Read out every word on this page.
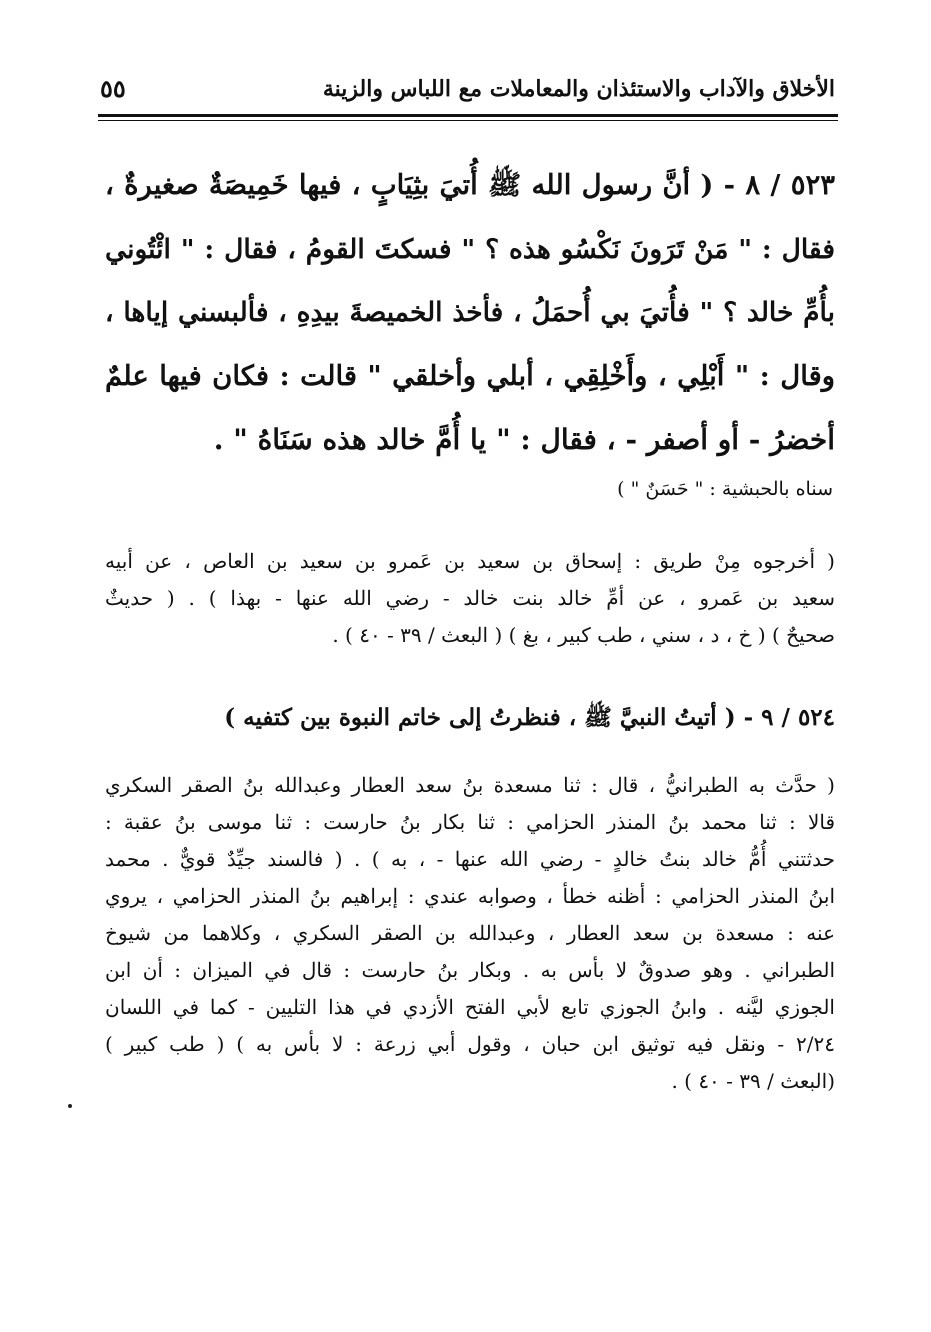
الأخلاق والآداب والاستئذان والمعاملات مع اللباس والزينة
٥٥
٥٢٣ / ٨ - ( أنَّ رسول الله ﷺ أُتيَ بثِيَابٍ ، فيها خَمِيصَةٌ صغيرةٌ ،
فقال : " مَنْ تَرَونَ نَكْسُو هذه ؟ " فسكتَ القومُ ، فقال : " ائْتُوني
بأُمِّ خالد ؟ " فأُتيَ بي أُحمَلُ ، فأخذ الخميصةَ بيدِهِ ، فألبسني إياها ،
وقال : " أَبْلِي ، وأَخْلِقِي ، أبلي وأخلقي " قالت : فكان فيها علمٌ
أخضرُ - أو أصفر - ، فقال : " يا أُمَّ خالد هذه سَنَاهُ " .
سناه بالحبشية : " حَسَنٌ " )
( أخرجوه مِنْ طريق : إسحاق بن سعيد بن عَمرو بن سعيد بن العاص ، عن أبيه
سعيد بن عَمرو ، عن أمِّ خالد بنت خالد - رضي الله عنها - بهذا ) . ( حديثٌ
صحيحٌ ) ( خ ، د ، سني ، طب كبير ، بغ ) ( البعث / ٣٩ - ٤٠ ) .
٥٢٤ / ٩ - ( أتيتُ النبيَّ ﷺ ، فنظرتُ إلى خاتم النبوة بين كتفيه )
( حدَّث به الطبرانيُّ ، قال : ثنا مسعدة بنُ سعد العطار وعبدالله بنُ الصقر السكري
قالا : ثنا محمد بنُ المنذر الحزامي : ثنا بكار بنُ حارست : ثنا موسى بنُ عقبة :
حدثتني أُمُّ خالد بنتُ خالدٍ - رضي الله عنها - ، به ) . ( فالسند جيِّدٌ قويٌّ . محمد
ابنُ المنذر الحزامي : أظنه خطأ ، وصوابه عندي : إبراهيم بنُ المنذر الحزامي ، يروي
عنه : مسعدة بن سعد العطار ، وعبدالله بن الصقر السكري ، وكلاهما من شيوخ
الطبراني . وهو صدوقٌ لا بأس به . وبكار بنُ حارست : قال في الميزان : أن ابن
الجوزي ليَّنه . وابنُ الجوزي تابع لأبي الفتح الأزدي في هذا التليين - كما في اللسان
٢/٢٤ - ونقل فيه توثيق ابن حبان ، وقول أبي زرعة : لا بأس به ) ( طب كبير )
(البعث / ٣٩ - ٤٠ ) .
